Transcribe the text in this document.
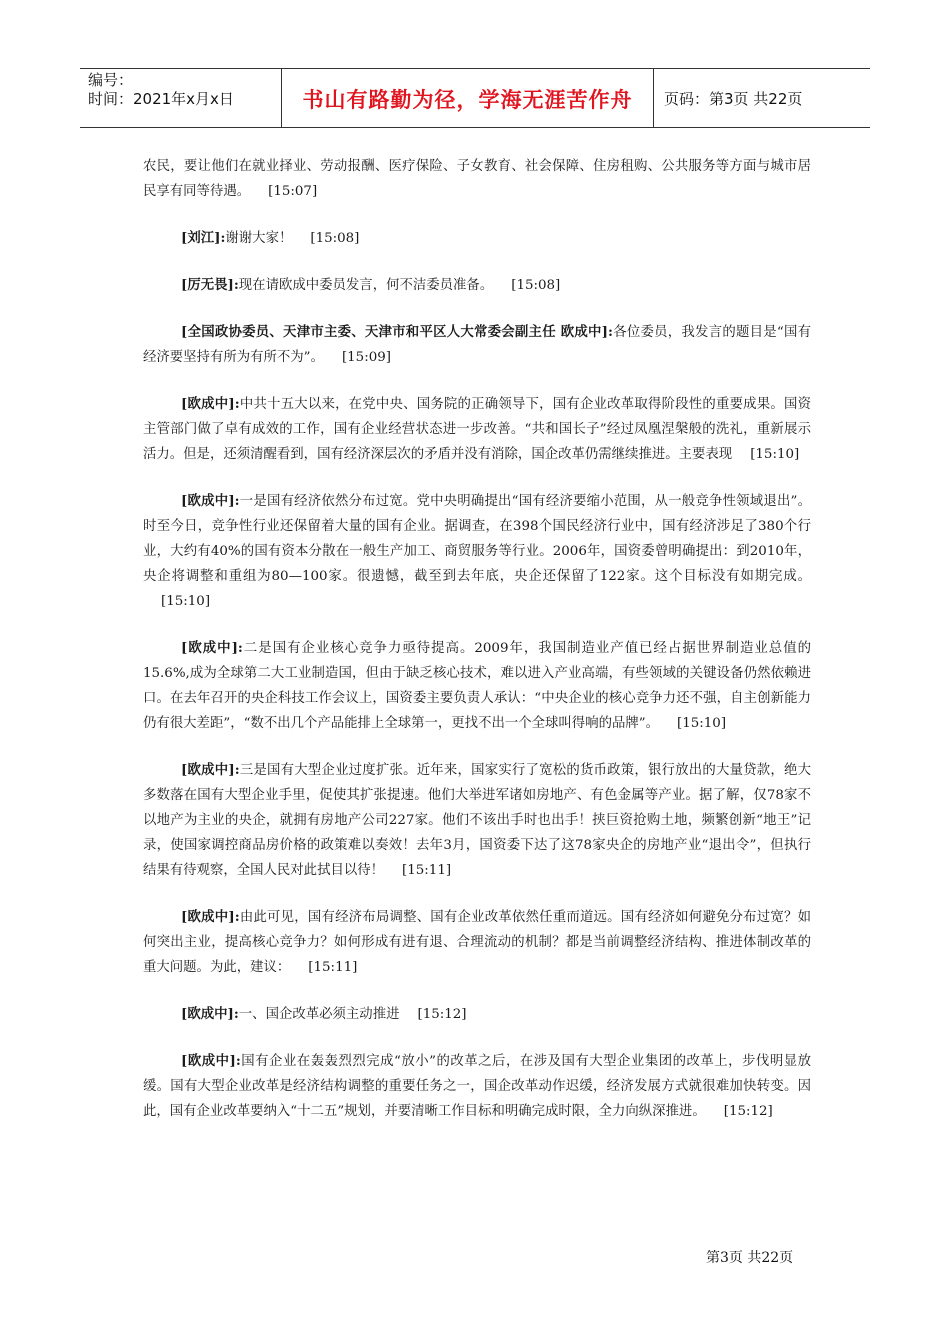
编号：
时间：2021年x月x日	书山有路勤为径，学海无涯苦作舟	页码：第3页 共22页

农民，要让他们在就业择业、劳动报酬、医疗保险、子女教育、社会保障、住房租购、公共服务等方面与城市居民享有同等待遇。 [15:07]

[刘江]:谢谢大家！ [15:08]

[厉无畏]:现在请欧成中委员发言，何不洁委员准备。 [15:08]

[全国政协委员、天津市主委、天津市和平区人大常委会副主任 欧成中]:各位委员，我发言的题目是“国有经济要坚持有所为有所不为”。 [15:09]

[欧成中]:中共十五大以来，在党中央、国务院的正确领导下，国有企业改革取得阶段性的重要成果。国资主管部门做了卓有成效的工作，国有企业经营状态进一步改善。“共和国长子”经过凤凰涅槃般的洗礼，重新展示活力。但是，还须清醒看到，国有经济深层次的矛盾并没有消除，国企改革仍需继续推进。主要表现 [15:10]

[欧成中]:一是国有经济依然分布过宽。党中央明确提出“国有经济要缩小范围，从一般竞争性领域退出”。时至今日，竞争性行业还保留着大量的国有企业。据调查，在398个国民经济行业中，国有经济涉足了380个行业，大约有40%的国有资本分散在一般生产加工、商贸服务等行业。2006年，国资委曾明确提出：到2010年，央企将调整和重组为80—100家。很遗憾，截至到去年底，央企还保留了122家。这个目标没有如期完成。[15:10]

[欧成中]:二是国有企业核心竞争力亟待提高。2009年，我国制造业产值已经占据世界制造业总值的15.6%,成为全球第二大工业制造国，但由于缺乏核心技术，难以进入产业高端，有些领域的关键设备仍然依赖进口。在去年召开的央企科技工作会议上，国资委主要负责人承认：“中央企业的核心竞争力还不强，自主创新能力仍有很大差距”，“数不出几个产品能排上全球第一，更找不出一个全球叫得响的品牌”。 [15:10]

[欧成中]:三是国有大型企业过度扩张。近年来，国家实行了宽松的货币政策，银行放出的大量贷款，绝大多数落在国有大型企业手里，促使其扩张提速。他们大举进军诸如房地产、有色金属等产业。据了解，仅78家不以地产为主业的央企，就拥有房地产公司227家。他们不该出手时也出手！挟巨资抢购土地，频繁创新“地王”记录，使国家调控商品房价格的政策难以奏效！去年3月，国资委下达了这78家央企的房地产业“退出令”，但执行结果有待观察，全国人民对此拭目以待！ [15:11]

[欧成中]:由此可见，国有经济布局调整、国有企业改革依然任重而道远。国有经济如何避免分布过宽？如何突出主业，提高核心竞争力？如何形成有进有退、合理流动的机制？都是当前调整经济结构、推进体制改革的重大问题。为此，建议： [15:11]

[欧成中]:一、国企改革必须主动推进 [15:12]

[欧成中]:国有企业在轰轰烈烈完成“放小”的改革之后，在涉及国有大型企业集团的改革上，步伐明显放缓。国有大型企业改革是经济结构调整的重要任务之一，国企改革动作迟缓，经济发展方式就很难加快转变。因此，国有企业改革要纳入“十二五”规划，并要清晰工作目标和明确完成时限，全力向纵深推进。 [15:12]

第3页 共22页
